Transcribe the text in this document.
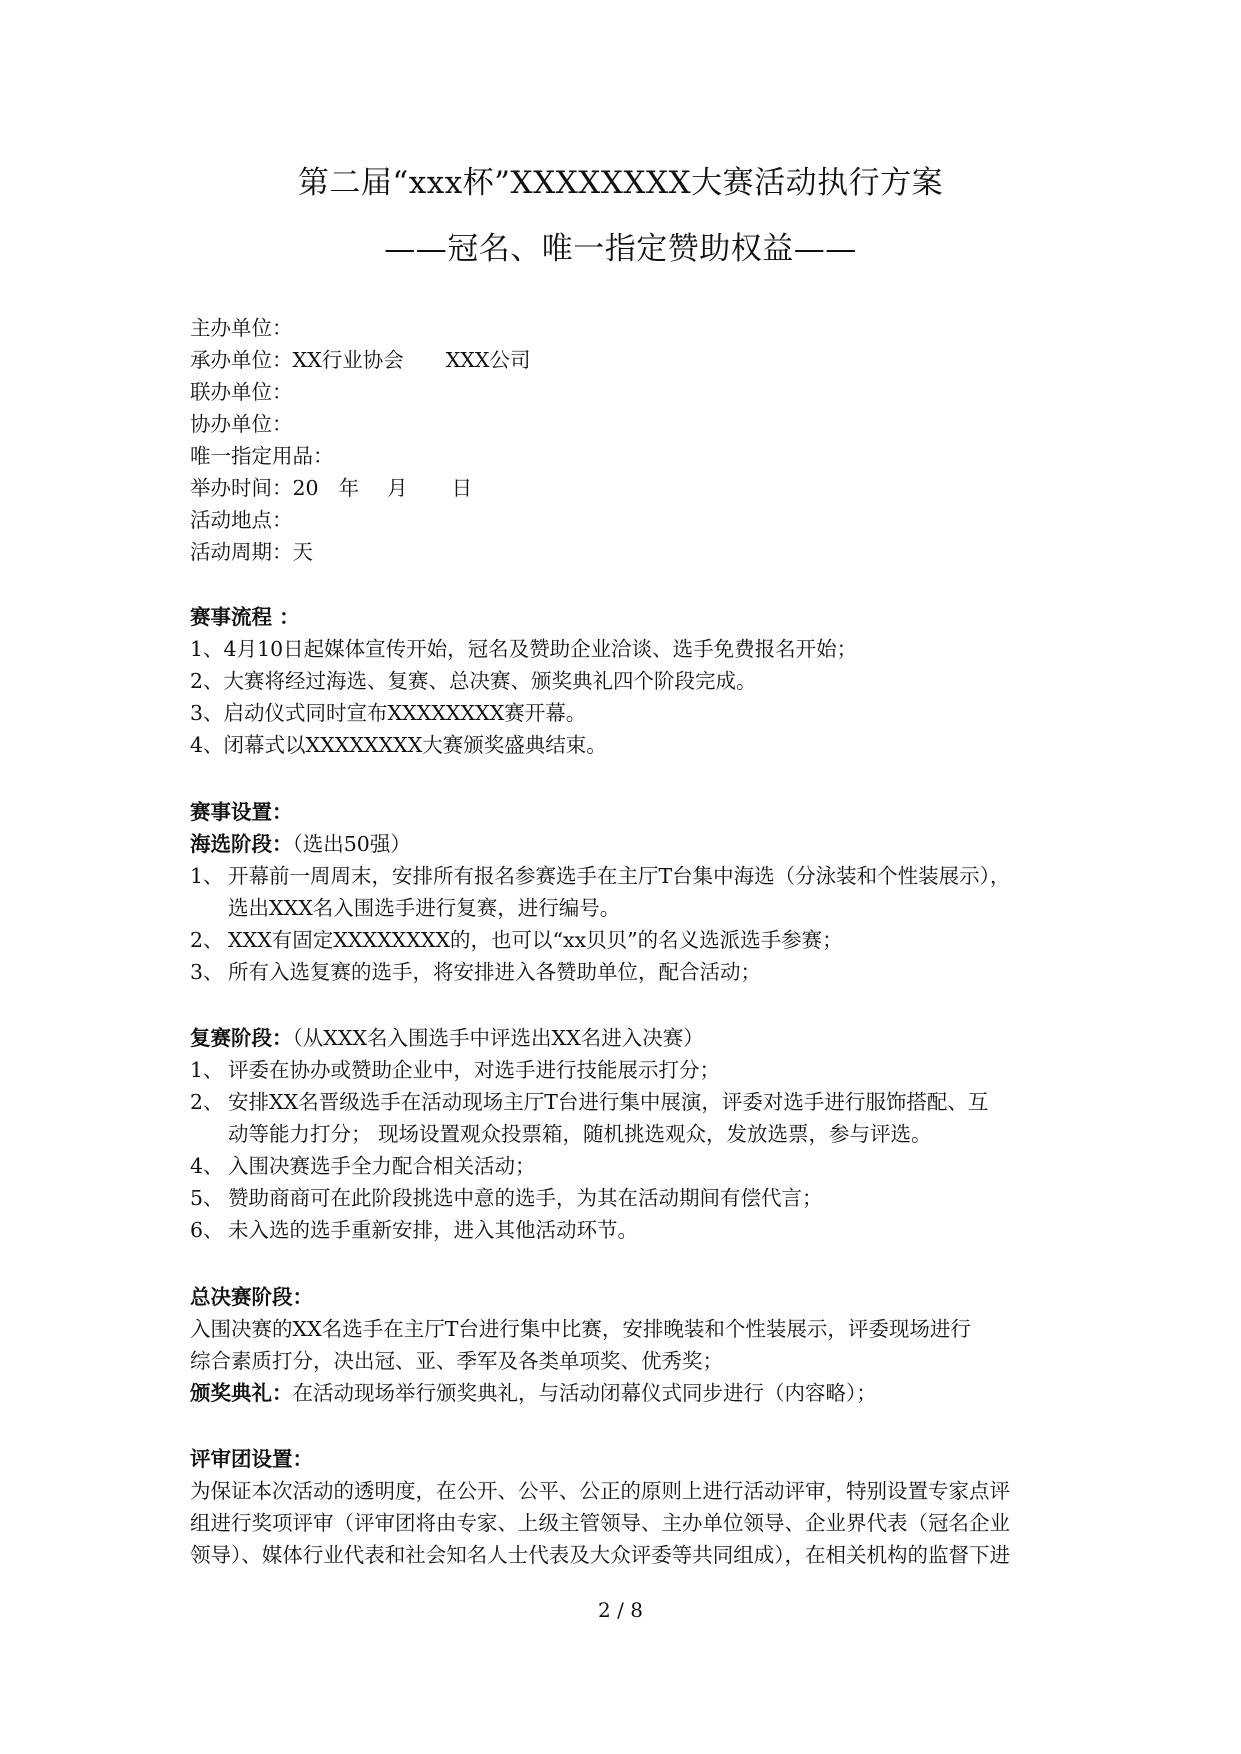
第二届“xxx杯”XXXXXXXX大赛活动执行方案
——冠名、唯一指定赞助权益——
主办单位：
承办单位：XX行业协会 XXX公司
联办单位：
协办单位：
唯一指定用品：
举办时间：20 年 月 日
活动地点：
活动周期：天
赛事流程 ：
1、4月10日起媒体宣传开始，冠名及赞助企业洽谈、选手免费报名开始；
2、大赛将经过海选、复赛、总决赛、颁奖典礼四个阶段完成。
3、启动仪式同时宣布XXXXXXXX赛开幕。
4、闭幕式以XXXXXXXX大赛颁奖盛典结束。
赛事设置：
海选阶段：（选出50强）
1、 开幕前一周周末，安排所有报名参赛选手在主厅T台集中海选（分泳装和个性装展示），
选出XXX名入围选手进行复赛，进行编号。
2、 XXX有固定XXXXXXXX的，也可以“xx贝贝”的名义选派选手参赛；
3、 所有入选复赛的选手，将安排进入各赞助单位，配合活动；
复赛阶段：（从XXX名入围选手中评选出XX名进入决赛）
1、 评委在协办或赞助企业中，对选手进行技能展示打分；
2、 安排XX名晋级选手在活动现场主厅T台进行集中展演，评委对选手进行服饰搭配、互
动等能力打分； 现场设置观众投票箱，随机挑选观众，发放选票，参与评选。
4、 入围决赛选手全力配合相关活动；
5、 赞助商商可在此阶段挑选中意的选手，为其在活动期间有偿代言；
6、 未入选的选手重新安排，进入其他活动环节。
总决赛阶段：
入围决赛的XX名选手在主厅T台进行集中比赛，安排晚装和个性装展示，评委现场进行
综合素质打分，决出冠、亚、季军及各类单项奖、优秀奖；
颁奖典礼：在活动现场举行颁奖典礼，与活动闭幕仪式同步进行（内容略）；
评审团设置：
为保证本次活动的透明度，在公开、公平、公正的原则上进行活动评审，特别设置专家点评
组进行奖项评审（评审团将由专家、上级主管领导、主办单位领导、企业界代表（冠名企业
领导）、媒体行业代表和社会知名人士代表及大众评委等共同组成），在相关机构的监督下进
2 / 8
